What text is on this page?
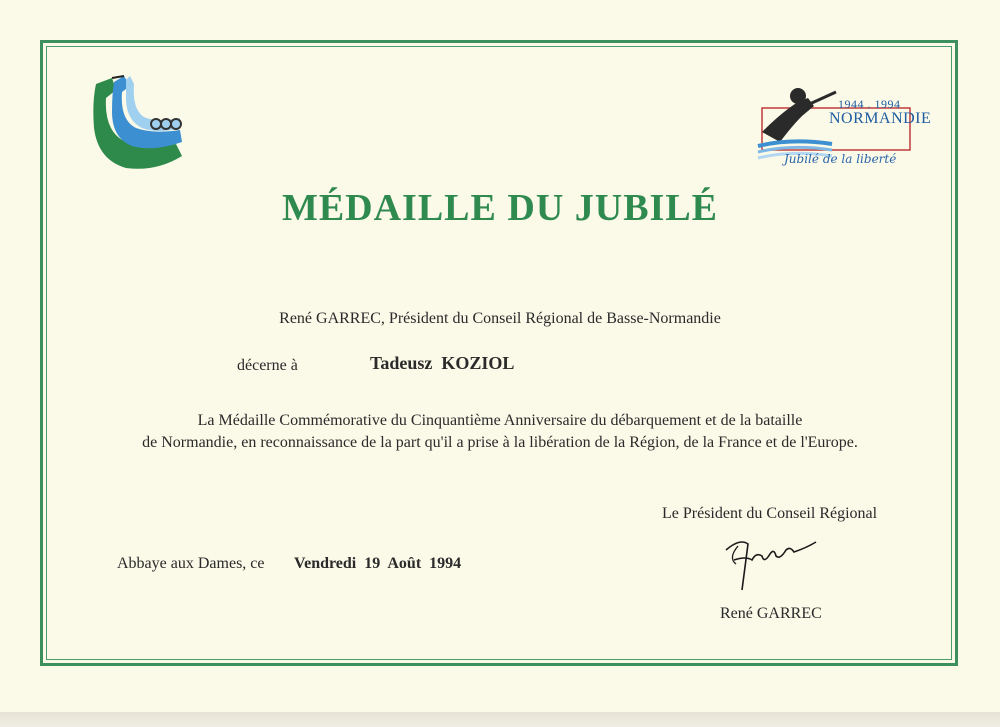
1944 . 1994
NORMANDIE
Jubilé de la liberté
MÉDAILLE DU JUBILÉ
René GARREC, Président du Conseil Régional de Basse-Normandie
décerne à	Tadeusz  KOZIOL
La Médaille Commémorative du Cinquantième Anniversaire du débarquement et de la bataille
de Normandie, en reconnaissance de la part qu'il a prise à la libération de la Région, de la France et de l'Europe.
Le Président du Conseil Régional
Abbaye aux Dames, ce Vendredi  19  Août  1994
René GARREC
